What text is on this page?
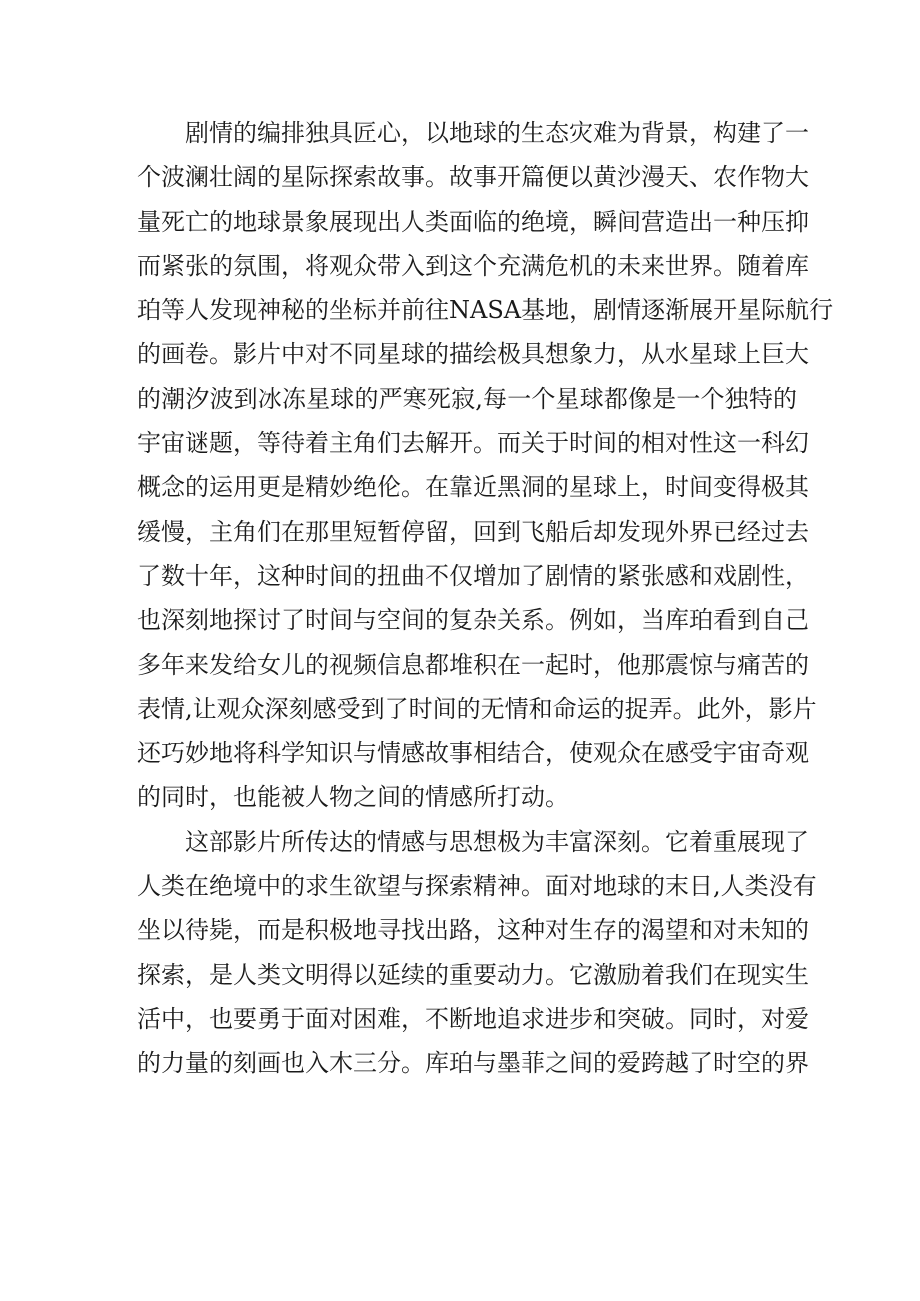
剧情的编排独具匠心，以地球的生态灾难为背景，构建了一
个波澜壮阔的星际探索故事。故事开篇便以黄沙漫天、农作物大
量死亡的地球景象展现出人类面临的绝境，瞬间营造出一种压抑
而紧张的氛围，将观众带入到这个充满危机的未来世界。随着库
珀等人发现神秘的坐标并前往NASA基地，剧情逐渐展开星际航行
的画卷。影片中对不同星球的描绘极具想象力，从水星球上巨大
的潮汐波到冰冻星球的严寒死寂,每一个星球都像是一个独特的
宇宙谜题，等待着主角们去解开。而关于时间的相对性这一科幻
概念的运用更是精妙绝伦。在靠近黑洞的星球上，时间变得极其
缓慢，主角们在那里短暂停留，回到飞船后却发现外界已经过去
了数十年，这种时间的扭曲不仅增加了剧情的紧张感和戏剧性，
也深刻地探讨了时间与空间的复杂关系。例如，当库珀看到自己
多年来发给女儿的视频信息都堆积在一起时，他那震惊与痛苦的
表情,让观众深刻感受到了时间的无情和命运的捉弄。此外，影片
还巧妙地将科学知识与情感故事相结合，使观众在感受宇宙奇观
的同时，也能被人物之间的情感所打动。
这部影片所传达的情感与思想极为丰富深刻。它着重展现了
人类在绝境中的求生欲望与探索精神。面对地球的末日,人类没有
坐以待毙，而是积极地寻找出路，这种对生存的渴望和对未知的
探索，是人类文明得以延续的重要动力。它激励着我们在现实生
活中，也要勇于面对困难，不断地追求进步和突破。同时，对爱
的力量的刻画也入木三分。库珀与墨菲之间的爱跨越了时空的界
